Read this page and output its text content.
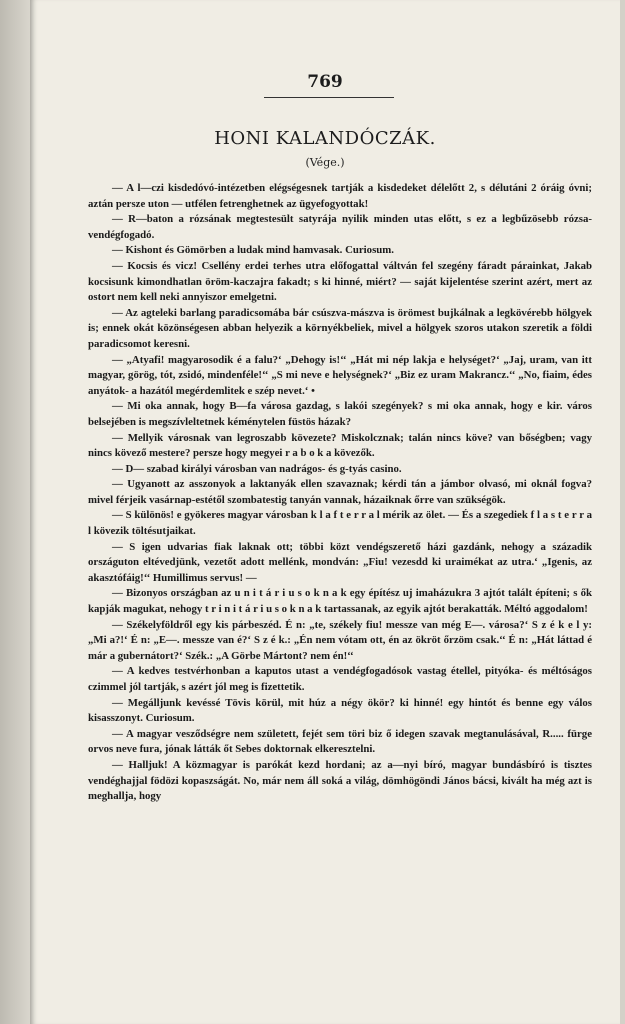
769
HONI KALANDÓCZÁK.
(Vége.)

— A l—czi kisdedóvó-intézetben elégségesnek tartják a kisdedeket délelőtt 2, s délutáni 2 óráig óvni; aztán persze uton — utfélen fetrenghetnek az ügyefogyottak!

— R—baton a rózsának megtestesült satyrája nyilik minden utas előtt, s ez a legbűzösebb rózsa-vendégfogadó.

— Kishont és Gömörben a ludak mind hamvasak. Curiosum.

— Kocsis és vicz! Csellény erdei terhes utra előfogattal váltván fel szegény fáradt párainkat, Jakab kocsisunk kimondhatlan öröm-kaczajra fakadt; s ki hinné, miért? — saját kijelentése szerint azért, mert az ostort nem kell neki annyiszor emelgetni.

— Az agteleki barlang paradicsomába bár csúszva-mászva is örömest bujkálnak a legkövérebb hölgyek is; ennek okát közönségesen abban helyezik a környékbeliek, mivel a hölgyek szoros utakon szeretik a földi paradicsomot keresni.

— „Atyafi! magyarosodik é a falu?‘ „Dehogy is!‘‘ „Hát mi nép lakja e helységet?‘ „Jaj, uram, van itt magyar, görög, tót, zsidó, mindenféle!‘‘ „S mi neve e helységnek?‘ „Biz ez uram Makrancz.‘‘ „No, fiaim, édes anyátok- a hazától megérdemlitek e szép nevet.‘ •

— Mi oka annak, hogy B—fa városa gazdag, s lakói szegények? s mi oka annak, hogy e kir. város belsejében is megszívleltetnek kéménytelen füstös házak?

— Mellyik városnak van legroszabb kövezete? Miskolcznak; talán nincs köve? van bőségben; vagy nincs kövező mestere? persze hogy megyei r a b o k a kövezők.

— D— szabad királyi városban van nadrágos- és g-tyás casino.

— Ugyanott az asszonyok a laktanyák ellen szavaznak; kérdi tán a jámbor olvasó, mi oknál fogva? mivel férjeik vasárnap-estétől szombatestig tanyán vannak, házaiknak őrre van szükségök.

— S különös! e gyökeres magyar városban k l a f t e r r a l mérik az ölet. — És a szegediek f l a s t e r r a l kövezik töltésutjaikat.

— S igen udvarias fiak laknak ott; többi közt vendégszerető házi gazdánk, nehogy a századik országuton eltévedjünk, vezetőt adott mellénk, mondván: „Fiu! vezesdd ki uraimékat az utra.‘ „Igenis, az akasztófáig!‘‘ Humillimus servus! —

— Bizonyos országban az u n i t á r i u s o k n a k egy építész uj imaházukra 3 ajtót talált építeni; s ők kapják magukat, nehogy t r i n i t á r i u s o k n a k tartassanak, az egyik ajtót berakatták. Méltó aggodalom!

— Székelyföldről egy kis párbeszéd. É n: „te, székely fiu! messze van még E—. városa?‘ S z é k e l y: „Mi a?!‘ É n: „E—. messze van é?‘ S z é k.: „Én nem vótam ott, én az ökröt őrzöm csak.‘‘ É n: „Hát láttad é már a gubernátort?‘ Szék.: „A Görbe Mártont? nem én!‘‘

— A kedves testvérhonban a kaputos utast a vendégfogadósok vastag étellel, pityóka- és méltóságos czimmel jól tartják, s azért jól meg is fizettetik.

— Megálljunk kevéssé Tövis körül, mit húz a négy ökör? ki hinné! egy hintót és benne egy válos kisasszonyt. Curiosum.

— A magyar vesződségre nem született, fejét sem töri biz ő idegen szavak megtanulásával, R..... fürge orvos neve fura, jónak látták őt Sebes doktornak elkeresztelni.

— Halljuk! A közmagyar is parókát kezd hordani; az a—nyi bíró, magyar bundásbíró is tisztes vendéghajjal födözi kopaszságát. No, már nem áll soká a világ, dömhögöndi János bácsi, kivált ha még azt is meghallja, hogy
